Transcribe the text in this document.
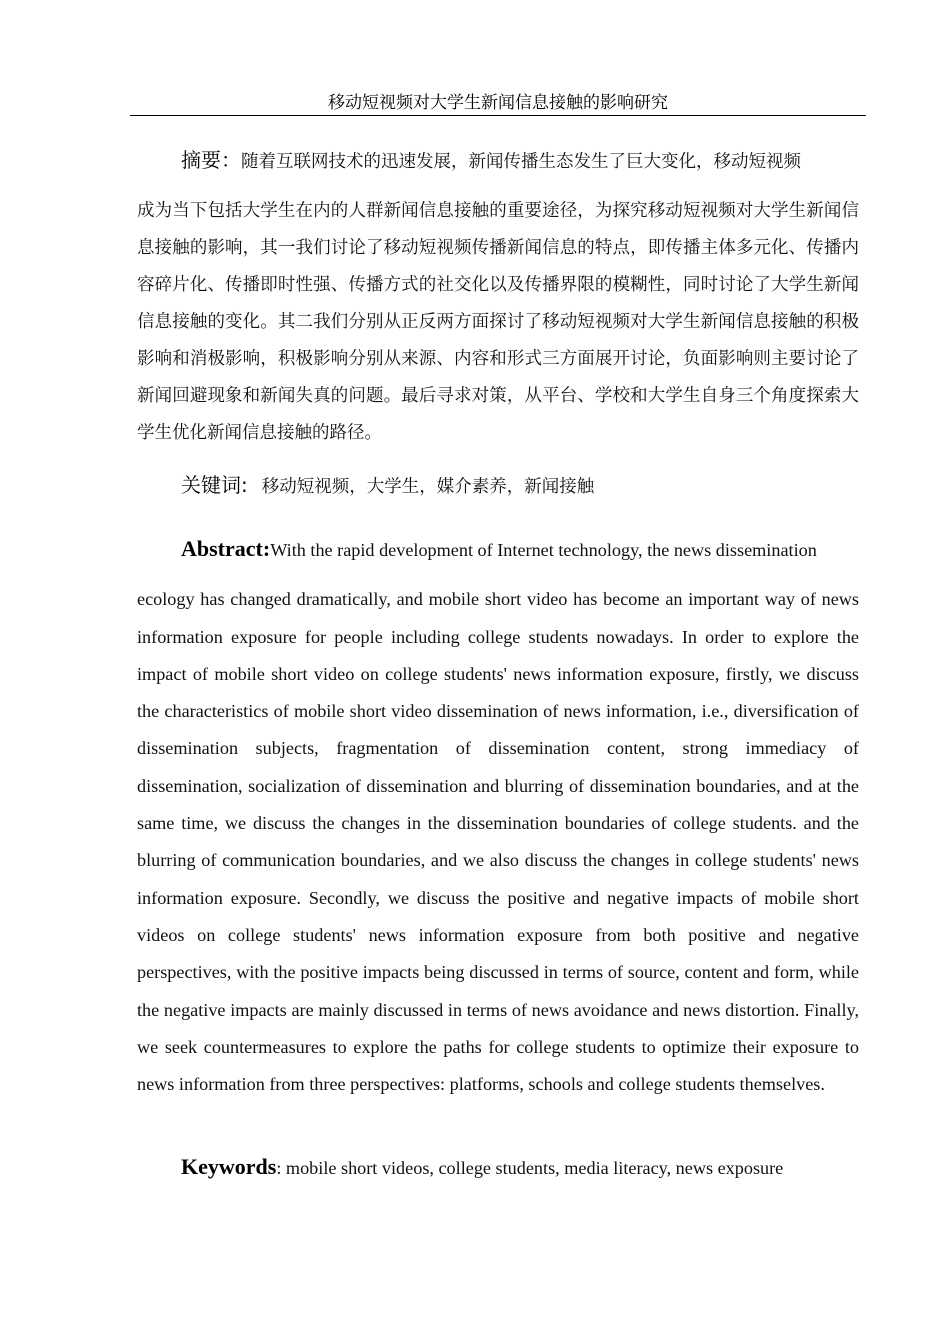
移动短视频对大学生新闻信息接触的影响研究
摘要：随着互联网技术的迅速发展，新闻传播生态发生了巨大变化，移动短视频
成为当下包括大学生在内的人群新闻信息接触的重要途径，为探究移动短视频对大学生新闻信息接触的影响，其一我们讨论了移动短视频传播新闻信息的特点，即传播主体多元化、传播内容碎片化、传播即时性强、传播方式的社交化以及传播界限的模糊性，同时讨论了大学生新闻信息接触的变化。其二我们分别从正反两方面探讨了移动短视频对大学生新闻信息接触的积极影响和消极影响，积极影响分别从来源、内容和形式三方面展开讨论，负面影响则主要讨论了新闻回避现象和新闻失真的问题。最后寻求对策，从平台、学校和大学生自身三个角度探索大学生优化新闻信息接触的路径。
关键词: 移动短视频，大学生，媒介素养，新闻接触
Abstract:With the rapid development of Internet technology, the news dissemination
ecology has changed dramatically, and mobile short video has become an important way of news information exposure for people including college students nowadays. In order to explore the impact of mobile short video on college students' news information exposure, firstly, we discuss the characteristics of mobile short video dissemination of news information, i.e., diversification of dissemination subjects, fragmentation of dissemination content, strong immediacy of dissemination, socialization of dissemination and blurring of dissemination boundaries, and at the same time, we discuss the changes in the dissemination boundaries of college students. and the blurring of communication boundaries, and we also discuss the changes in college students' news information exposure. Secondly, we discuss the positive and negative impacts of mobile short videos on college students' news information exposure from both positive and negative perspectives, with the positive impacts being discussed in terms of source, content and form, while the negative impacts are mainly discussed in terms of news avoidance and news distortion. Finally, we seek countermeasures to explore the paths for college students to optimize their exposure to news information from three perspectives: platforms, schools and college students themselves.
Keywords: mobile short videos, college students, media literacy, news exposure
